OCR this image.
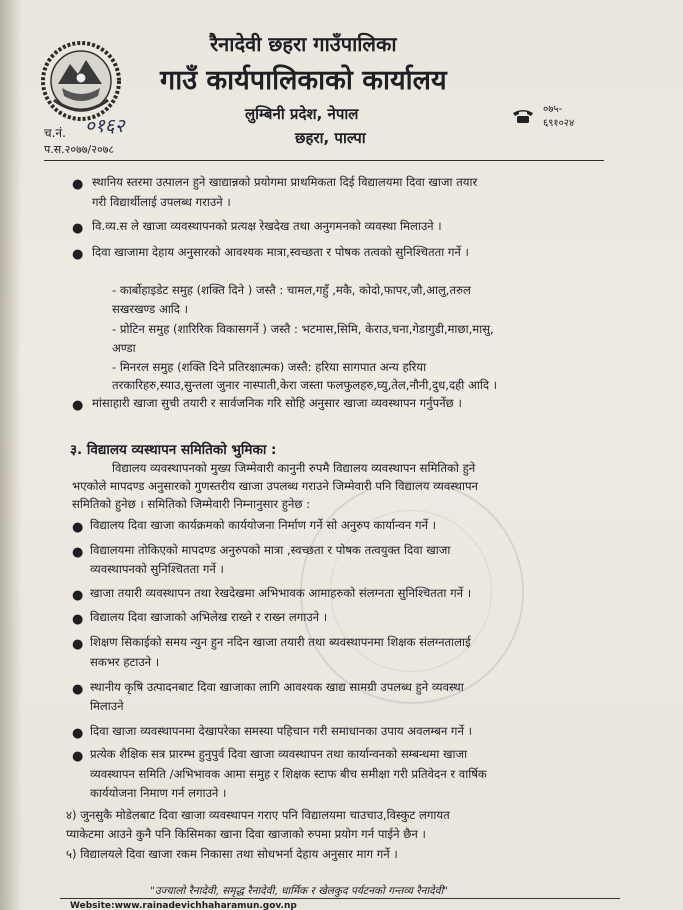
रैनादेवी छहरा गाउँपालिका
गाउँ कार्यपालिकाको कार्यालय
लुम्बिनी प्रदेश, नेपाल
छहरा, पाल्पा
०७५- ६९१०२४
च.नं. ०१६२
प.स.२०७७/२०७८
● स्थानिय स्तरमा उत्पालन हुने खाद्यान्नको प्रयोगमा प्राथमिकता दिई विद्यालयमा दिवा खाजा तयार
गरी विद्यार्थीलाई उपलब्ध गराउने ।
● वि.व्य.स ले खाजा व्यवस्थापनको प्रत्यक्ष रेखदेख तथा अनुगमनको व्यवस्था मिलाउने ।
● दिवा खाजामा देहाय अनुसारको आवश्यक मात्रा,स्वच्छता र पोषक तत्वको सुनिश्चितता गर्ने ।
- कार्बोहाइडेट समुह (शक्ति दिने ) जस्तै : चामल,गहुँ ,मकै, कोदो,फापर,जौ,आलु,तरुल
सखरखण्ड आदि ।
- प्रोटिन समुह (शारिरिक विकासगर्ने ) जस्तै : भटमास,सिमि, केराउ,चना,गेडागुडी,माछा,मासु,
अण्डा
- मिनरल समुह (शक्ति दिने प्रतिरक्षात्मक) जस्तै: हरिया सागपात अन्य हरिया
तरकारिहरु,स्याउ,सुन्तला जुनार नास्पाती,केरा जस्ता फलफुलहरु,घ्यु,तेल,नौनी,दुध,दही आदि ।
● मांसाहारी खाजा सुची तयारी र सार्वजनिक गरि सोहि अनुसार खाजा व्यवस्थापन गर्नुपर्नेछ ।
३. विद्यालय व्यस्थापन समितिको भुमिका :
विद्यालय व्यवस्थापनको मुख्य जिम्मेवारी कानुनी रुपमै विद्यालय व्यवस्थापन समितिको हुने
भएकोले मापदण्ड अनुसारको गुणस्तरीय खाजा उपलब्ध गराउने जिम्मेवारी पनि विद्यालय व्यवस्थापन
समितिको हुनेछ । समितिको जिम्मेवारी निम्नानुसार हुनेछ :
● विद्यालय दिवा खाजा कार्यक्रमको कार्ययोजना निर्माण गर्ने सो अनुरुप कार्यान्वन गर्ने ।
● विद्यालयमा तोकिएको मापदण्ड अनुरुपको मात्रा ,स्वच्छता र पोषक तत्वयुक्त दिवा खाजा
व्यवस्थापनको सुनिश्चितता गर्ने ।
● खाजा तयारी व्यवस्थापन तथा रेखदेखमा अभिभावक आमाहरुको संलग्नता सुनिश्चितता गर्ने ।
● विद्यालय दिवा खाजाको अभिलेख राख्ने र राख्न लगाउने ।
● शिक्षण सिकाईको समय न्युन हुन नदिन खाजा तयारी तथा ब्यवस्थापनमा शिक्षक संलग्नतालाई
सकभर हटाउने ।
● स्थानीय कृषि उत्पादनबाट दिवा खाजाका लागि आवश्यक खाद्य सामग्री उपलब्ध हुने व्यवस्था
मिलाउने
● दिवा खाजा व्यवस्थापनमा देखापरेका समस्या पहिचान गरी समाधानका उपाय अवलम्बन गर्ने ।
● प्रत्येक शैक्षिक सत्र प्रारम्भ हुनुपुर्व दिवा खाजा व्यवस्थापन तथा कार्यान्वनको सम्बन्धमा खाजा
व्यवस्थापन समिति /अभिभावक आमा समुह र शिक्षक स्टाफ बीच समीक्षा गरी प्रतिवेदन र वार्षिक
कार्ययोजना निमाण गर्न लगाउने ।
४) जुनसुकै मोडेलबाट दिवा खाजा व्यवस्थापन गराए पनि विद्यालयमा चाउचाउ,विस्कुट लगायत
प्याकेटमा आउने कुनै पनि किसिमका खाना दिवा खाजाको रुपमा प्रयोग गर्न पाईने छैन ।
५) विद्यालयले दिवा खाजा रकम निकासा तथा सोधभर्ना देहाय अनुसार माग गर्ने ।
"उज्यालो रैनादेवी, समृद्ध रैनादेवी, धार्मिक र खेलकुद पर्यटनको गन्तव्य रैनादेवी"
Website:www.rainadevichhaharamun.gov.np
